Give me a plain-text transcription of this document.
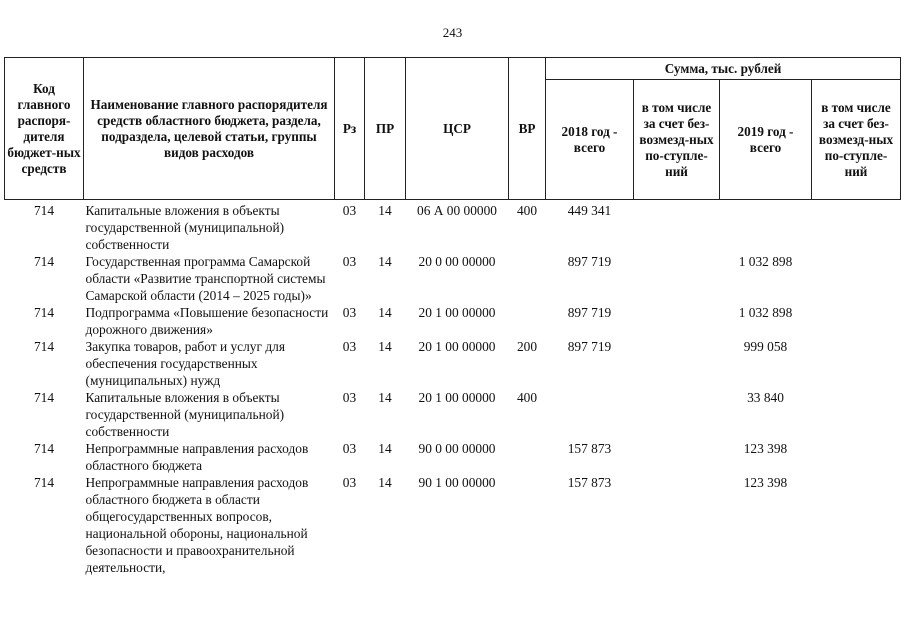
243
Код главного распоря-дителя бюджет-ных средств	Наименование главного распорядителя средств областного бюджета, раздела, подраздела, целевой статьи, группы видов расходов	Рз	ПР	ЦСР	ВР	Сумма, тыс. рублей			
						2018 год - всего	в том числе за счет без-возмезд-ных по-ступле-ний	2019 год - всего	в том числе за счет без-возмезд-ных по-ступле-ний
714	Капитальные вложения в объекты государственной (муниципальной) собственности	03	14	06 А 00 00000	400	449 341			
714	Государственная программа Самарской области «Развитие транспортной системы Самарской области (2014 – 2025 годы)»	03	14	20 0 00 00000		897 719		1 032 898	
714	Подпрограмма «Повышение безопасности дорожного движения»	03	14	20 1 00 00000		897 719		1 032 898	
714	Закупка товаров, работ и услуг для обеспечения государственных (муниципальных) нужд	03	14	20 1 00 00000	200	897 719		999 058	
714	Капитальные вложения в объекты государственной (муниципальной) собственности	03	14	20 1 00 00000	400			33 840	
714	Непрограммные направления расходов областного бюджета	03	14	90 0 00 00000		157 873		123 398	
714	Непрограммные направления расходов областного бюджета в области общегосударственных вопросов, национальной обороны, национальной безопасности и правоохранительной деятельности,	03	14	90 1 00 00000		157 873		123 398	
